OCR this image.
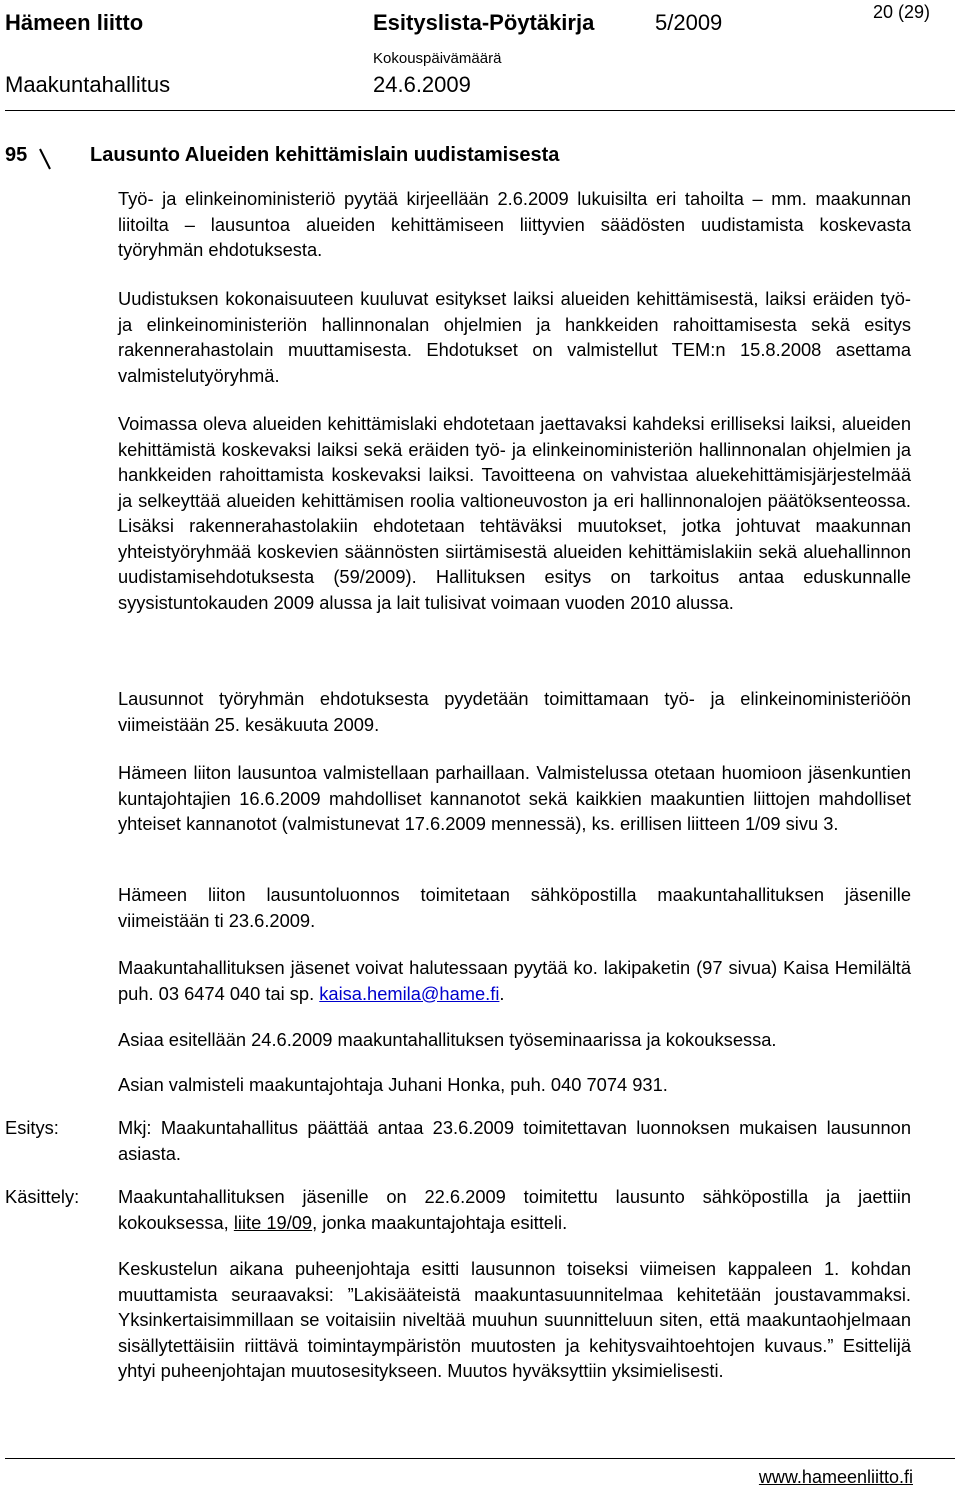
Hämeen liitto	Esityslista-Pöytäkirja	5/2009	20 (29)
Kokouspäivämäärä
Maakuntahallitus	24.6.2009
95	Lausunto Alueiden kehittämislain uudistamisesta

Työ- ja elinkeinoministeriö pyytää kirjeellään 2.6.2009 lukuisilta eri tahoilta – mm. maakunnan liitoilta – lausuntoa alueiden kehittämiseen liittyvien säädösten uudistamista koskevasta työryhmän ehdotuksesta.

Uudistuksen kokonaisuuteen kuuluvat esitykset laiksi alueiden kehittämisestä, laiksi eräiden työ- ja elinkeinoministeriön hallinnonalan ohjelmien ja hankkeiden rahoittamisesta sekä esitys rakennerahastolain muuttamisesta. Ehdotukset on valmistellut TEM:n 15.8.2008 asettama valmistelutyöryhmä.

Voimassa oleva alueiden kehittämislaki ehdotetaan jaettavaksi kahdeksi erilliseksi laiksi, alueiden kehittämistä koskevaksi laiksi sekä eräiden työ- ja elinkeinoministeriön hallinnonalan ohjelmien ja hankkeiden rahoittamista koskevaksi laiksi. Tavoitteena on vahvistaa aluekehittämisjärjestelmää ja selkeyttää alueiden kehittämisen roolia valtioneuvoston ja eri hallinnonalojen päätöksenteossa. Lisäksi rakennerahastolakiin ehdotetaan tehtäväksi muutokset, jotka johtuvat maakunnan yhteistyöryhmää koskevien säännösten siirtämisestä alueiden kehittämislakiin sekä aluehallinnon uudistamisehdotuksesta (59/2009). Hallituksen esitys on tarkoitus antaa eduskunnalle syysistuntokauden 2009 alussa ja lait tulisivat voimaan vuoden 2010 alussa.

Lausunnot työryhmän ehdotuksesta pyydetään toimittamaan työ- ja elinkeinoministeriöön viimeistään 25. kesäkuuta 2009.

Hämeen liiton lausuntoa valmistellaan parhaillaan. Valmistelussa otetaan huomioon jäsenkuntien kuntajohtajien 16.6.2009 mahdolliset kannanotot sekä kaikkien maakuntien liittojen mahdolliset yhteiset kannanotot (valmistunevat 17.6.2009 mennessä), ks. erillisen liitteen 1/09 sivu 3.

Hämeen liiton lausuntoluonnos toimitetaan sähköpostilla maakuntahallituksen jäsenille viimeistään ti 23.6.2009.

Maakuntahallituksen jäsenet voivat halutessaan pyytää ko. lakipaketin (97 sivua) Kaisa Hemilältä puh. 03 6474 040 tai sp. kaisa.hemila@hame.fi.

Asiaa esitellään 24.6.2009 maakuntahallituksen työseminaarissa ja kokouksessa.

Asian valmisteli maakuntajohtaja Juhani Honka, puh. 040 7074 931.

Esitys:	Mkj: Maakuntahallitus päättää antaa 23.6.2009 toimitettavan luonnoksen mukaisen lausunnon asiasta.

Käsittely: Maakuntahallituksen jäsenille on 22.6.2009 toimitettu lausunto sähköpostilla ja jaettiin kokouksessa, liite 19/09, jonka maakuntajohtaja esitteli.

Keskustelun aikana puheenjohtaja esitti lausunnon toiseksi viimeisen kappaleen 1. kohdan muuttamista seuraavaksi: ”Lakisääteistä maakuntasuunnitelmaa kehitetään joustavammaksi. Yksinkertaisimmillaan se voitaisiin niveltää muuhun suunnitteluun siten, että maakuntaohjelmaan sisällytettäisiin riittävä toimintaympäristön muutosten ja kehitysvaihtoehtojen kuvaus.” Esittelijä yhtyi puheenjohtajan muutosesitykseen. Muutos hyväksyttiin yksimielisesti.

www.hameenliitto.fi
